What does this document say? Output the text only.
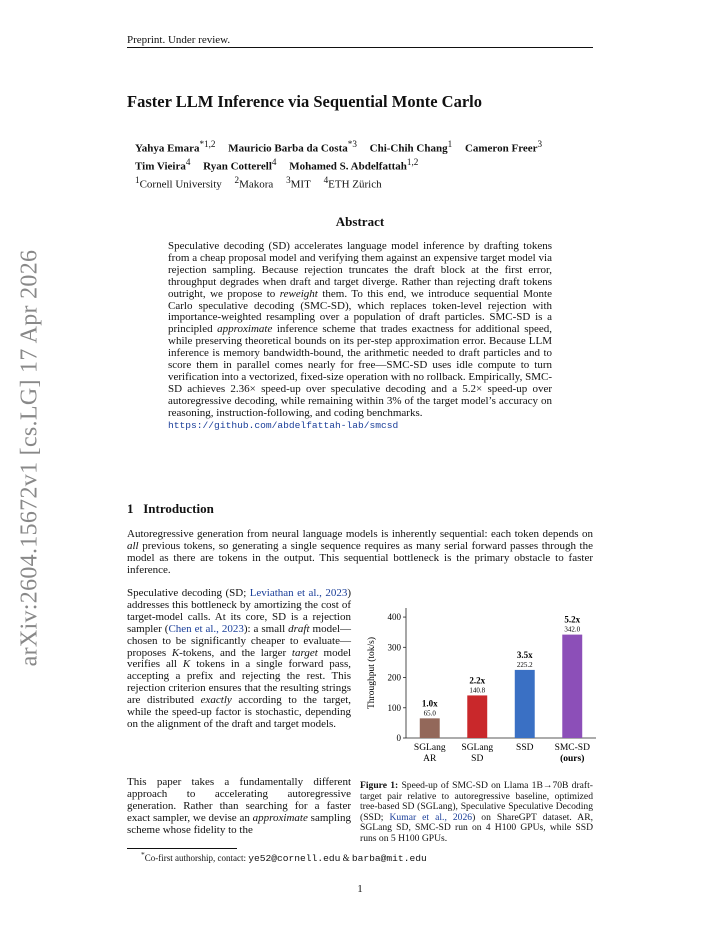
Preprint. Under review.
arXiv:2604.15672v1 [cs.LG] 17 Apr 2026
Faster LLM Inference via Sequential Monte Carlo
Yahya Emara$^{*1,2}$ Mauricio Barba da Costa$^{*3}$ Chi-Chih Chang$^1$ Cameron Freer$^3$
Tim Vieira$^4$ Ryan Cotterell$^4$ Mohamed S. Abdelfattah$^{1,2}$
$^1$Cornell University $^2$Makora $^3$MIT $^4$ETH Zürich
Abstract

Speculative decoding (SD) accelerates language model inference by drafting tokens from a cheap proposal model and verifying them against an expensive target model via rejection sampling. Because rejection truncates the draft block at the first error, throughput degrades when draft and target diverge. Rather than rejecting draft tokens outright, we propose to reweight them. To this end, we introduce sequential Monte Carlo speculative decoding (SMC-SD), which replaces token-level rejection with importance-weighted resampling over a population of draft particles. SMC-SD is a principled approximate inference scheme that trades exactness for additional speed, while preserving theoretical bounds on its per-step approximation error. Because LLM inference is memory bandwidth-bound, the arithmetic needed to draft particles and to score them in parallel comes nearly for free—SMC-SD uses idle compute to turn verification into a vectorized, fixed-size operation with no rollback. Empirically, SMC-SD achieves 2.36× speed-up over speculative decoding and a 5.2× speed-up over autoregressive decoding, while remaining within 3% of the target model’s accuracy on reasoning, instruction-following, and coding benchmarks.

https://github.com/abdelfattah-lab/smcsd

1 Introduction
Autoregressive generation from neural language models is inherently sequential: each token depends on all previous tokens, so generating a single sequence requires as many serial forward passes through the model as there are tokens in the output. This sequential bottleneck is the primary obstacle to faster inference.
Speculative decoding (SD; Leviathan et al., 2023) addresses this bottleneck by amortizing the cost of target-model calls. At its core, SD is a rejection sampler (Chen et al., 2023): a small draft model—chosen to be significantly cheaper to evaluate—proposes K-tokens, and the larger target model verifies all K tokens in a single forward pass, accepting a prefix and rejecting the rest. This rejection criterion ensures that the resulting strings are distributed exactly according to the target, while the speed-up factor is stochastic, depending on the alignment of the draft and target models.
This paper takes a fundamentally different approach to accelerating autoregressive generation. Rather than searching for a faster exact sampler, we devise an approximate sampling scheme whose fidelity to the
0
100
200
300
400
Throughput (tok/s)	1.0x
65.0
SGLang
AR
2.2x
140.8
SGLang
SD
3.5x
225.2
SSD
5.2x
342.0
SMC-SD
(ours)
Figure 1: Speed-up of SMC-SD on Llama 1B→70B draft-target pair relative to autoregressive baseline, optimized tree-based SD (SGLang), Speculative Speculative Decoding (SSD; Kumar et al., 2026) on ShareGPT dataset. AR, SGLang SD, SMC-SD run on 4 H100 GPUs, while SSD runs on 5 H100 GPUs.
*Co-first authorship, contact: ye52@cornell.edu & barba@mit.edu
1
